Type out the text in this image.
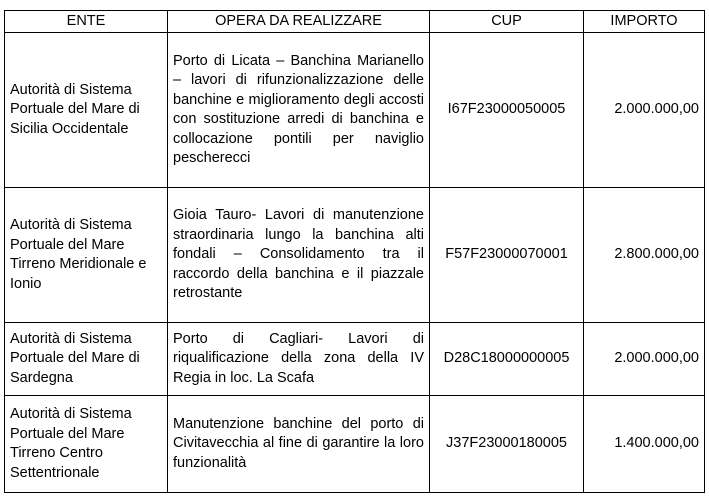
ENTE	OPERA DA REALIZZARE	CUP	IMPORTO
Autorità di Sistema Portuale del Mare di Sicilia Occidentale	Porto di Licata – Banchina Marianello – lavori di rifunzionalizzazione delle banchine e miglioramento degli accosti con sostituzione arredi di banchina e collocazione pontili per naviglio pescherecci	I67F23000050005	2.000.000,00
Autorità di Sistema Portuale del Mare Tirreno Meridionale e Ionio	Gioia Tauro- Lavori di manutenzione straordinaria lungo la banchina alti fondali – Consolidamento tra il raccordo della banchina e il piazzale retrostante	F57F23000070001	2.800.000,00
Autorità di Sistema Portuale del Mare di Sardegna	Porto di Cagliari- Lavori di riqualificazione della zona della IV Regia in loc. La Scafa	D28C18000000005	2.000.000,00
Autorità di Sistema Portuale del Mare Tirreno Centro Settentrionale	Manutenzione banchine del porto di Civitavecchia al fine di garantire la loro funzionalità	J37F23000180005	1.400.000,00
